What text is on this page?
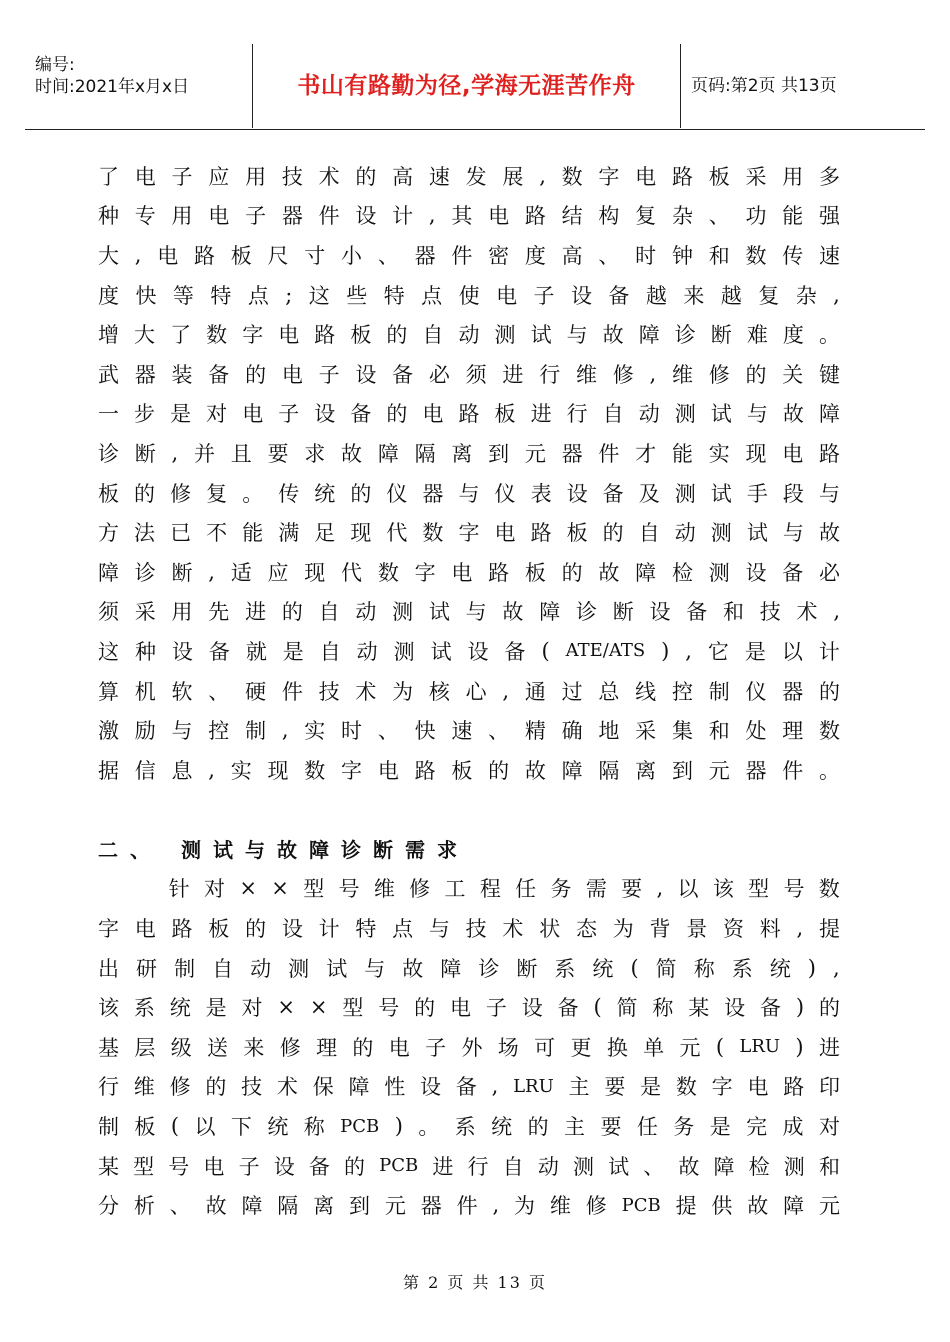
编号:
时间:2021年x月x日	书山有路勤为径,学海无涯苦作舟	页码:第2页 共13页
了 电 子 应 用 技 术 的 高 速 发 展 , 数 字 电 路 板 采 用 多
种 专 用 电 子 器 件 设 计 , 其 电 路 结 构 复 杂 、 功 能 强
大 , 电 路 板 尺 寸 小 、 器 件 密 度 高 、 时 钟 和 数 传 速
度 快 等 特 点 ; 这 些 特 点 使 电 子 设 备 越 来 越 复 杂 ,
增 大 了 数 字 电 路 板 的 自 动 测 试 与 故 障 诊 断 难 度 。
武 器 装 备 的 电 子 设 备 必 须 进 行 维 修 , 维 修 的 关 键
一 步 是 对 电 子 设 备 的 电 路 板 进 行 自 动 测 试 与 故 障
诊 断 , 并 且 要 求 故 障 隔 离 到 元 器 件 才 能 实 现 电 路
板 的 修 复 。 传 统 的 仪 器 与 仪 表 设 备 及 测 试 手 段 与
方 法 已 不 能 满 足 现 代 数 字 电 路 板 的 自 动 测 试 与 故
障 诊 断 , 适 应 现 代 数 字 电 路 板 的 故 障 检 测 设 备 必
须 采 用 先 进 的 自 动 测 试 与 故 障 诊 断 设 备 和 技 术 ,
这 种 设 备 就 是 自 动 测 试 设 备 ( ATE/ATS ) , 它 是 以 计
算 机 软 、 硬 件 技 术 为 核 心 , 通 过 总 线 控 制 仪 器 的
激 励 与 控 制 , 实 时 、 快 速 、 精 确 地 采 集 和 处 理 数
据 信 息 , 实 现 数 字 电 路 板 的 故 障 隔 离 到 元 器 件 。
二、 测试与故障诊断需求

针 对 × × 型 号 维 修 工 程 任 务 需 要 , 以 该 型 号 数
字 电 路 板 的 设 计 特 点 与 技 术 状 态 为 背 景 资 料 , 提
出 研 制 自 动 测 试 与 故 障 诊 断 系 统 ( 简 称 系 统 ) ,
该 系 统 是 对 × × 型 号 的 电 子 设 备 ( 简 称 某 设 备 ) 的
基 层 级 送 来 修 理 的 电 子 外 场 可 更 换 单 元 ( LRU ) 进
行 维 修 的 技 术 保 障 性 设 备 , LRU 主 要 是 数 字 电 路 印
制 板 ( 以 下 统 称 PCB ) 。 系 统 的 主 要 任 务 是 完 成 对
某 型 号 电 子 设 备 的 PCB 进 行 自 动 测 试 、 故 障 检 测 和
分 析 、 故 障 隔 离 到 元 器 件 , 为 维 修 PCB 提 供 故 障 元
第 2 页 共 13 页
